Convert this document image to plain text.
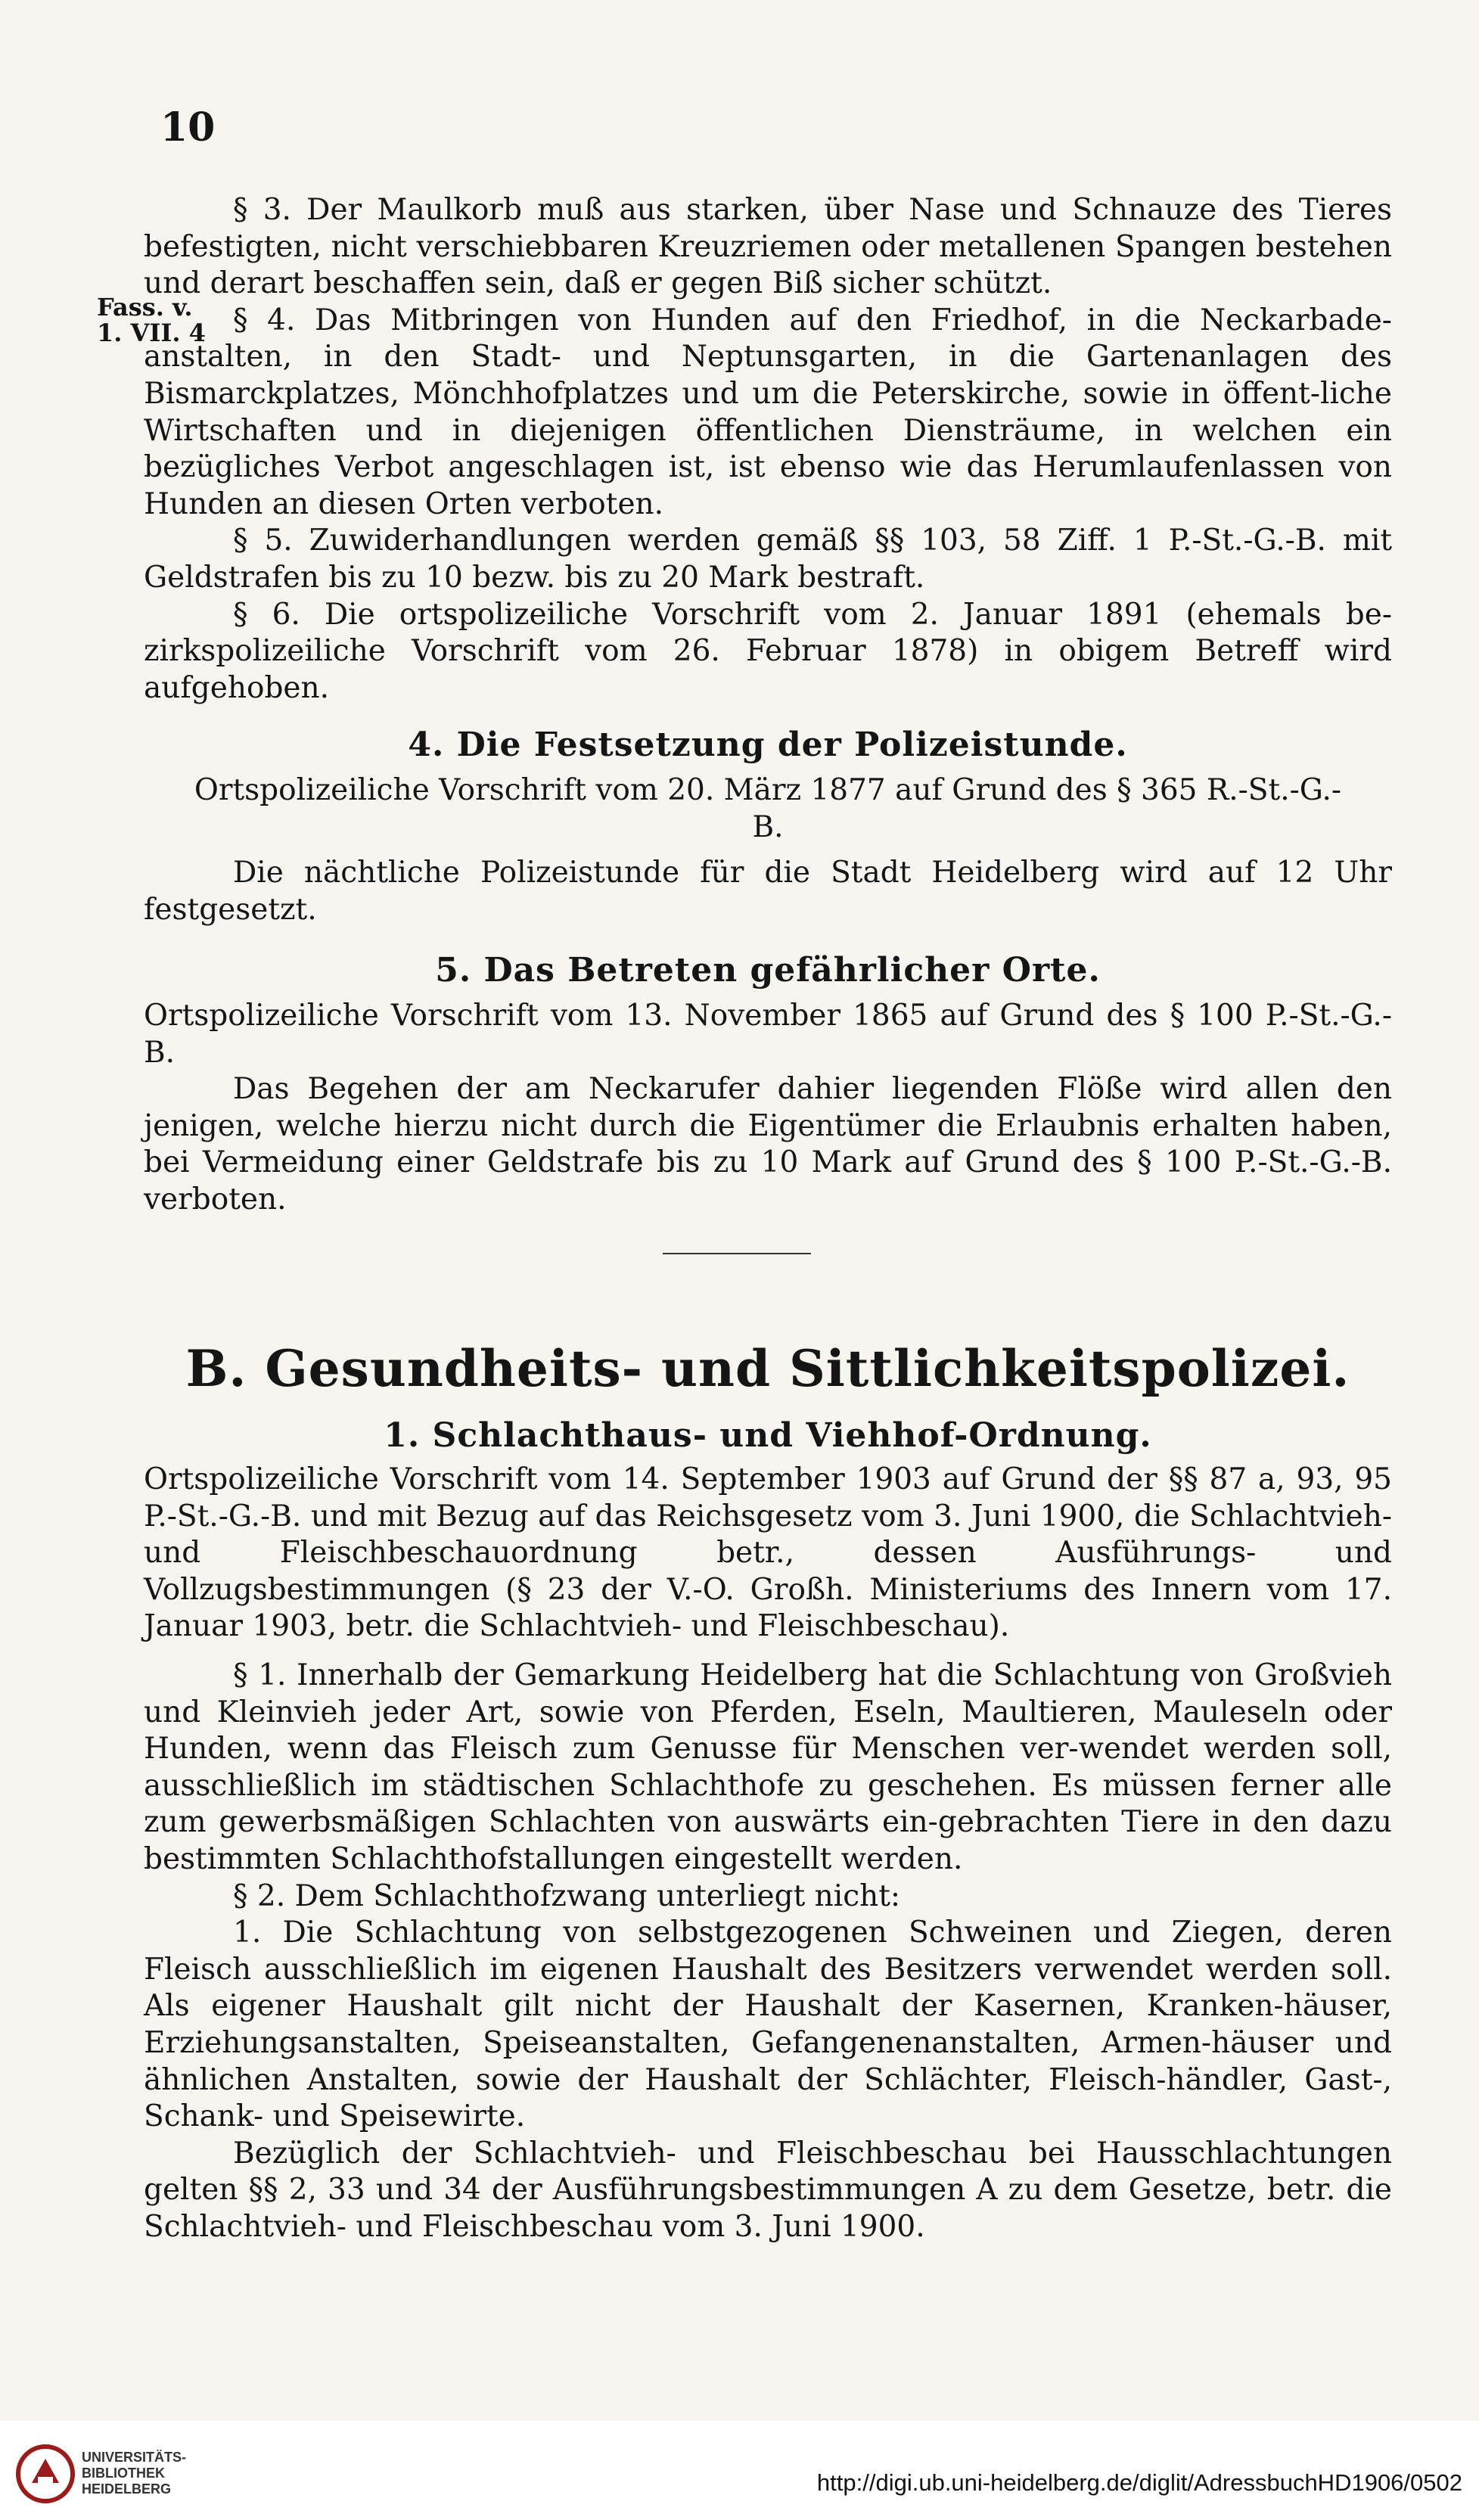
10
Fass. v.
1. VII. 4

§ 3. Der Maulkorb muß aus starken, über Nase und Schnauze des Tieres befestigten, nicht verschiebbaren Kreuzriemen oder metallenen Spangen bestehen und derart beschaffen sein, daß er gegen Biß sicher schützt.

§ 4. Das Mitbringen von Hunden auf den Friedhof, in die Neckarbade-anstalten, in den Stadt- und Neptunsgarten, in die Gartenanlagen des Bismarckplatzes, Mönchhofplatzes und um die Peterskirche, sowie in öffent-liche Wirtschaften und in diejenigen öffentlichen Diensträume, in welchen ein bezügliches Verbot angeschlagen ist, ist ebenso wie das Herumlaufenlassen von Hunden an diesen Orten verboten.

§ 5. Zuwiderhandlungen werden gemäß §§ 103, 58 Ziff. 1 P.-St.-G.-B. mit Geldstrafen bis zu 10 bezw. bis zu 20 Mark bestraft.

§ 6. Die ortspolizeiliche Vorschrift vom 2. Januar 1891 (ehemals be-zirkspolizeiliche Vorschrift vom 26. Februar 1878) in obigem Betreff wird aufgehoben.

4. Die Festsetzung der Polizeistunde.

Ortspolizeiliche Vorschrift vom 20. März 1877 auf Grund des § 365 R.-St.-G.-B.

Die nächtliche Polizeistunde für die Stadt Heidelberg wird auf 12 Uhr festgesetzt.

5. Das Betreten gefährlicher Orte.

Ortspolizeiliche Vorschrift vom 13. November 1865 auf Grund des § 100 P.-St.-G.-B.

Das Begehen der am Neckarufer dahier liegenden Flöße wird allen den jenigen, welche hierzu nicht durch die Eigentümer die Erlaubnis erhalten haben, bei Vermeidung einer Geldstrafe bis zu 10 Mark auf Grund des § 100 P.-St.-G.-B. verboten.

B. Gesundheits- und Sittlichkeitspolizei.

1. Schlachthaus- und Viehhof-Ordnung.

Ortspolizeiliche Vorschrift vom 14. September 1903 auf Grund der §§ 87 a, 93, 95 P.-St.-G.-B. und mit Bezug auf das Reichsgesetz vom 3. Juni 1900, die Schlachtvieh- und Fleischbeschauordnung betr., dessen Ausführungs- und Vollzugsbestimmungen (§ 23 der V.-O. Großh. Ministeriums des Innern vom 17. Januar 1903, betr. die Schlachtvieh- und Fleischbeschau).

§ 1. Innerhalb der Gemarkung Heidelberg hat die Schlachtung von Großvieh und Kleinvieh jeder Art, sowie von Pferden, Eseln, Maultieren, Mauleseln oder Hunden, wenn das Fleisch zum Genusse für Menschen ver-wendet werden soll, ausschließlich im städtischen Schlachthofe zu geschehen. Es müssen ferner alle zum gewerbsmäßigen Schlachten von auswärts ein-gebrachten Tiere in den dazu bestimmten Schlachthofstallungen eingestellt werden.

§ 2. Dem Schlachthofzwang unterliegt nicht:

1. Die Schlachtung von selbstgezogenen Schweinen und Ziegen, deren Fleisch ausschließlich im eigenen Haushalt des Besitzers verwendet werden soll. Als eigener Haushalt gilt nicht der Haushalt der Kasernen, Kranken-häuser, Erziehungsanstalten, Speiseanstalten, Gefangenenanstalten, Armen-häuser und ähnlichen Anstalten, sowie der Haushalt der Schlächter, Fleisch-händler, Gast-, Schank- und Speisewirte.

Bezüglich der Schlachtvieh- und Fleischbeschau bei Hausschlachtungen gelten §§ 2, 33 und 34 der Ausführungsbestimmungen A zu dem Gesetze, betr. die Schlachtvieh- und Fleischbeschau vom 3. Juni 1900.

UNIVERSITÄTS-
BIBLIOTHEK
HEIDELBERG	http://digi.ub.uni-heidelberg.de/diglit/AdressbuchHD1906/0502
